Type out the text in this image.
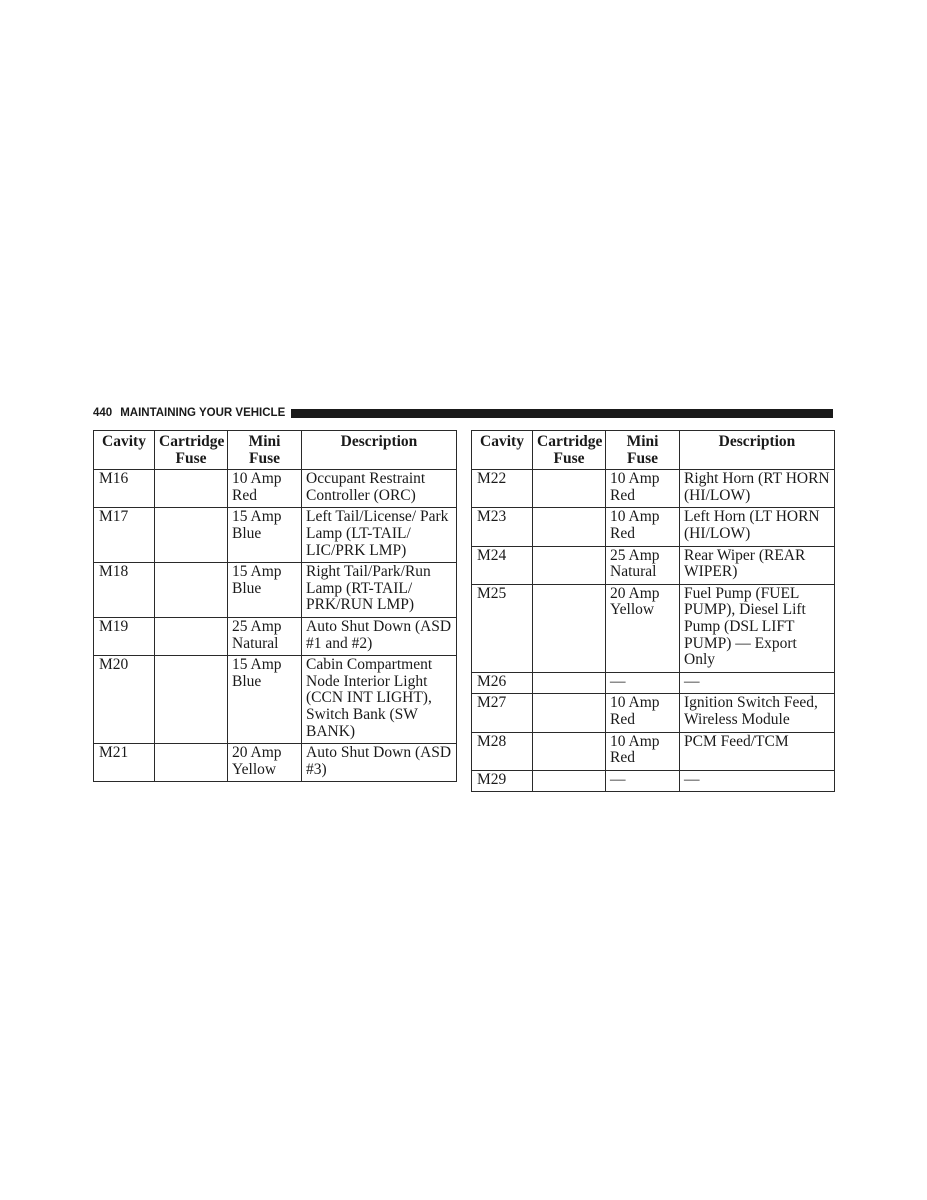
440 MAINTAINING YOUR VEHICLE
Cavity	Cartridge Fuse	Mini Fuse	Description
M16		10 Amp Red	Occupant Restraint Controller (ORC)
M17		15 Amp Blue	Left Tail/License/ Park Lamp (LT-TAIL/ LIC/PRK LMP)
M18		15 Amp Blue	Right Tail/Park/Run Lamp (RT-TAIL/ PRK/RUN LMP)
M19		25 Amp Natural	Auto Shut Down (ASD #1 and #2)
M20		15 Amp Blue	Cabin Compartment Node Interior Light (CCN INT LIGHT), Switch Bank (SW BANK)
M21		20 Amp Yellow	Auto Shut Down (ASD #3)
Cavity	Cartridge Fuse	Mini Fuse	Description
M22		10 Amp Red	Right Horn (RT HORN (HI/LOW)
M23		10 Amp Red	Left Horn (LT HORN (HI/LOW)
M24		25 Amp Natural	Rear Wiper (REAR WIPER)
M25		20 Amp Yellow	Fuel Pump (FUEL PUMP), Diesel Lift Pump (DSL LIFT PUMP) — Export Only
M26		—	—
M27		10 Amp Red	Ignition Switch Feed, Wireless Module
M28		10 Amp Red	PCM Feed/TCM
M29		—	—
